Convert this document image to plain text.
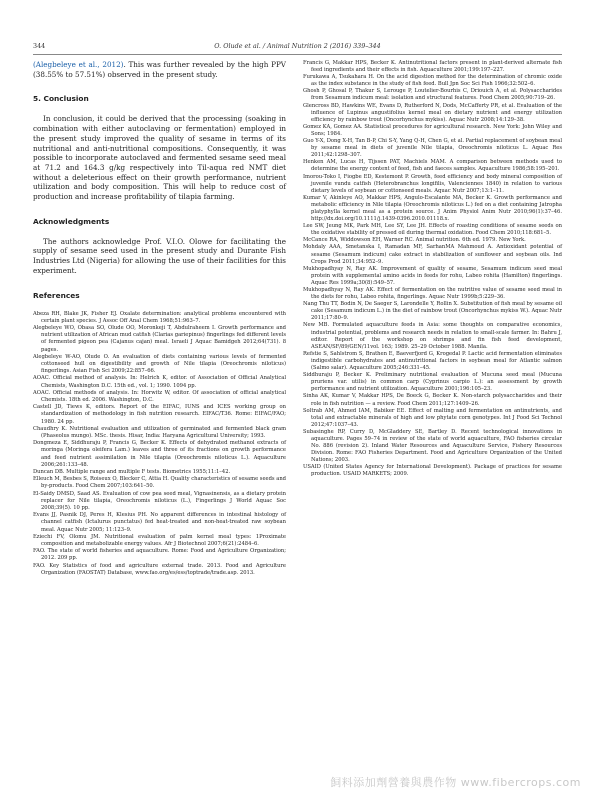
344	O. Olude et al. / Animal Nutrition 2 (2016) 339–344

(Alegbeleye et al., 2012). This was further revealed by the high PPV (38.55% to 57.51%) observed in the present study.

5. Conclusion

In conclusion, it could be derived that the processing (soaking in combination with either autoclaving or fermentation) employed in the present study improved the quality of sesame in terms of its nutritional and anti-nutritional compositions. Consequently, it was possible to incorporate autoclaved and fermented sesame seed meal at 71.2 and 164.3 g/kg respectively into Til-aqua red NMT diet without a deleterious effect on their growth performance, nutrient utilization and body composition. This will help to reduce cost of production and increase profitability of tilapia farming.

Acknowledgments

The authors acknowledge Prof. V.I.O. Olowe for facilitating the supply of sesame seed used in the present study and Durante Fish Industries Ltd (Nigeria) for allowing the use of their facilities for this experiment.

References
Abeza RH, Blake JK, Fisher EJ. Oxalate determination: analytical problems encountered with certain plant species. J Assoc Off Anal Chem 1968;51:963–7.
Alegbeleye WO, Obasa SO, Olude OO, Moronkeji T, Abdulraheem I. Growth performance and nutrient utilization of African mud catfish (Clarias gariepinus) fingerlings fed different levels of fermented pigeon pea (Cajanus cajan) meal. Israeli J Aquac Bamidgeh 2012;64(731). 8 pages.
Alegbeleye W-AO, Olude O. An evaluation of diets containing various levels of fermented cottonseed hull on digestibility and growth of Nile tilapia (Oreochromis niloticus) fingerlings. Asian Fish Sci 2009;22:857–66.
AOAC. Official method of analysis. In: Helrich K, editor. of Association of Official Analytical Chemists, Washington D.C. 15th ed., vol. 1; 1990. 1094 pp.
AOAC. Official methods of analysis. In: Horwitz W, editor. Of association of official analytical Chemists. 18th ed. 2006. Washington, D.C.
Castell JD, Tiews K, editors. Report of the EIFAC, IUNS and ICES working group on standardization of methodology in fish nutrition research. EIFAC/T36. Rome: EIFAC/FAO; 1980. 24 pp.
Chaudhry K. Nutritional evaluation and utilization of germinated and fermented black gram (Phaseolus mungo). MSc. thesis. Hisar, India: Haryana Agricultural University; 1993.
Dongmeza E, Siddhuraju P, Francis G, Becker K. Effects of dehydrated methanol extracts of moringa (Moringa oleifera Lam.) leaves and three of its fractions on growth performance and feed nutrient assimilation in Nile tilapia (Oreochromis niloticus L.). Aquaculture 2006;261:133–48.
Duncan DB. Multiple range and multiple F tests. Biometrics 1955;11:1–42.
Elleuch M, Besbes S, Roiseux O, Blecker C, Attia H. Quality characteristics of sesame seeds and by-products. Food Chem 2007;103:641–50.
El-Saidy DMSD, Saad AS. Evaluation of cow pea seed meal, Vignasinensis, as a dietary protein replacer for Nile tilapia, Oreochromis niloticus (L.), Fingerlings J World Aquac Soc 2008;39(5). 10 pp.
Evans JJ, Pasnik DJ, Peres H, Klesius PH. No apparent differences in intestinal histology of channel catfish (Ictalurus punctatus) fed heat-treated and non-heat-treated raw soybean meal. Aquac Nutr 2005; 11:123–9.
Eziechi FV, Olomu JM. Nutritional evaluation of palm kernel meal types: 1Proximate composition and metabolizable energy values. Afr J Biotechnol 2007;6(21):2484–6.
FAO. The state of world fisheries and aquaculture. Rome: Food and Agriculture Organization; 2012. 209 pp.
FAO. Key Statistics of food and agriculture external trade. 2013. Food and Agriculture Organization (FAOSTAT) Database, www.fao.org/es/ess/toptrade/trade.asp. 2013.
Francis G, Makkar HPS, Becker K. Antinutritional factors present in plant-derived alternate fish feed ingredients and their effects in fish. Aquaculture 2001;199:197–227.
Furukawa A, Tsukahara H. On the acid digestion method for the determination of chromic oxide as the index substance in the study of fish feed. Bull Jpn Soc Sci Fish 1966;32:502–6.
Ghosh P, Ghosal P, Thakur S, Lerouge P, Loutelier-Bourhis C, Driouich A, et al. Polysaccharides from Sesamum indicum meal: isolation and structural features. Food Chem 2005;90:719–26.
Glencross BD, Hawkins WE, Evans D, Rutherford N, Dods, McCafferty PR, et al. Evaluation of the influence of Lupinus angustifolius kernel meal on dietary nutrient and energy utilization efficiency by rainbow trout (Oncorhynchus mykiss). Aquac Nutr 2008;14:129–38.
Gomez KA, Gomez AA. Statistical procedures for agricultural research. New York: John Wiley and Sons; 1984.
Guo Y-X, Dong X-H, Tan B-P, Chi S-Y, Yang Q-H, Chen G, et al. Partial replacement of soybean meal by sesame meal in diets of juvenile Nile tilapia, Oreochromis niloticus L. Aquac Res 2011;42:1298–307.
Henken AM, Lucas H, Tijssen PAT, Machiels MAM. A comparison between methods used to determine the energy content of feed, fish and faeces samples. Aquaculture 1986;58:195–201.
Imorou-Toko I, Fiogbe ED, Kestemont P. Growth, feed efficiency and body mineral composition of juvenile vundu catfish (Heterobranchus longifilis, Valenciennes 1840) in relation to various dietary levels of soybean or cottonseed meals. Aquac Nutr 2007;13:1–11.
Kumar V, Akinleye AO, Makkar HPS, Angulo-Escalante MA, Becker K. Growth performance and metabolic efficiency in Nile tilapia (Oreochromis niloticus L.) fed on a diet containing Jatropha platyphylla kernel meal as a protein source. J Anim Physiol Anim Nutr 2010;96(1):37–46. http://dx.doi.org/10.1111/j.1439-0396.2010.01118.x.
Lee SW, Jeung MK, Park MH, Lee SY, Lee JH. Effects of roasting conditions of sesame seeds on the oxidative stability of pressed oil during thermal oxidation. Food Chem 2010;118:681–5.
McCance RA, Widdowson EH, Warner RC. Animal nutrition. 6th ed. 1979. New York.
Mohdaly AAA, Smetanska I, Ramadan MF, SarhanMA Mahmoud A. Antioxidant potential of sesame (Sesamum indicum) cake extract in stabilization of sunflower and soybean oils. Ind Crops Prod 2011;34:952–9.
Mukhopadhyay N, Ray AK. Improvement of quality of sesame, Sesamum indicum seed meal protein with supplemental amino acids in feeds for rohu, Labeo rohita (Hamilton) fingerlings. Aquac Res 1999a;30(8):549–57.
Mukhopadhyay N, Ray AK. Effect of fermentation on the nutritive value of sesame seed meal in the diets for rohu, Labeo rohita, fingerlings. Aquac Nutr 1999b;5:229–36.
Nang Thu TT, Bodin N, De Saeger S, Larondelle Y, Rollin X. Substitution of fish meal by sesame oil cake (Sesamum indicum L.) in the diet of rainbow trout (Oncorhynchus mykiss W.). Aquac Nutr 2011;17:80–9.
New MB. Formulated aquaculture feeds in Asia: some thoughts on comparative economics, industrial potential, problems and research needs in relation to small-scale farmer. In: Bahru J, editor. Report of the workshop on shrimps and fin fish feed development, ASEAN/SF/89/GEN/11vol. 163; 1989. 25–29 October 1988. Manila.
Refstie S, Sahlstrom S, Brathen E, Baeverfjord G, Krogedal P. Lactic acid fermentation eliminates indigestible carbohydrates and antinutritional factors in soybean meal for Atlantic salmon (Salmo salar). Aquaculture 2005;246:331–45.
Siddhuraju P, Becker K. Preliminary nutritional evaluation of Mucuna seed meal (Mucuna pruriens var. utilis) in common carp (Cyprinus carpio L.): an assessment by growth performance and nutrient utilization. Aquaculture 2001;196:105–23.
Sinha AK, Kumar V, Makkar HPS, De Boeck G, Becker K. Non-starch polysaccharides and their role in fish nutrition — a review. Food Chem 2011;127:1409–26.
Soltrab AM, Ahmed IAM, Babiker EE. Effect of malting and fermentation on antinutrients, and total and extractable minerals of high and low phytate corn genotypes. Int J Food Sci Technol 2012;47:1037–43.
Subasinghe RP, Curry D, McGladdery SE, Bartley D. Recent technological innovations in aquaculture. Pages 59–74 in review of the state of world aquaculture, FAO fisheries circular No. 886 (revision 2). Inland Water Resources and Aquaculture Service, Fishery Resources Division. Rome: FAO Fisheries Department. Food and Agriculture Organization of the United Nations; 2003.
USAID (United States Agency for International Development). Package of practices for sesame production. USAID MARKETS; 2009.
飼料添加劑營養與農作物 www.fibercrops.com
